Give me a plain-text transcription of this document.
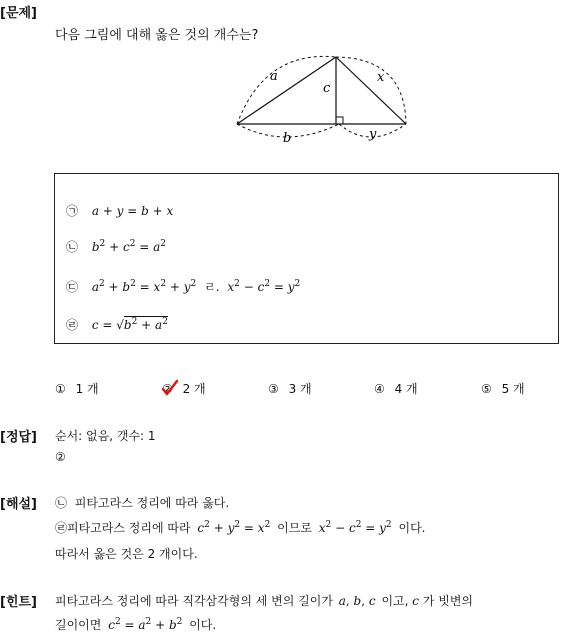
[문제]
다음 그림에 대해 옳은 것의 개수는?
a	x
c
b	y
㉠ a + y = b + x
㉡ $b^2 + c^2 = a^2$
㉢ $a^2 + b^2 = x^2 + y^2$ ㄹ. $x^2 - c^2 = y^2$
㉣ $c = √b^2 + a^2$
① 1 개	② 2 개	③ 3 개	④ 4 개	⑤ 5 개
[정답] 순서: 없음, 갯수: 1
②
[해설] ㉡ 피타고라스 정리에 따라 옳다.
㉣피타고라스 정리에 따라 $c^2 + y^2 = x^2$ 이므로 $x^2 - c^2 = y^2$ 이다.
따라서 옳은 것은 2 개이다.
[힌트] 피타고라스 정리에 따라 직각삼각형의 세 변의 길이가 a, b, c 이고, c 가 빗변의
길이이면 $c^2 = a^2 + b^2$ 이다.
